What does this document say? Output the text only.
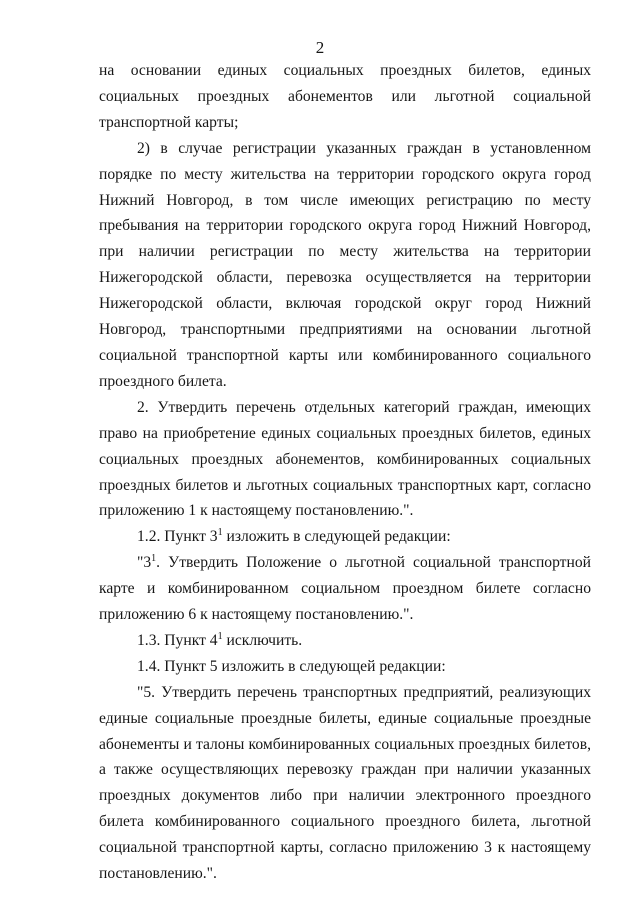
2

на основании единых социальных проездных билетов, единых социальных проездных абонементов или льготной социальной транспортной карты;

2) в случае регистрации указанных граждан в установленном порядке по месту жительства на территории городского округа город Нижний Новгород, в том числе имеющих регистрацию по месту пребывания на территории городского округа город Нижний Новгород, при наличии регистрации по месту жительства на территории Нижегородской области, перевозка осуществляется на территории Нижегородской области, включая городской округ город Нижний Новгород, транспортными предприятиями на основании льготной социальной транспортной карты или комбинированного социального проездного билета.

2. Утвердить перечень отдельных категорий граждан, имеющих право на приобретение единых социальных проездных билетов, единых социальных проездных абонементов, комбинированных социальных проездных билетов и льготных социальных транспортных карт, согласно приложению 1 к настоящему постановлению.".

1.2. Пункт $3^1$ изложить в следующей редакции:

"$3^1$. Утвердить Положение о льготной социальной транспортной карте и комбинированном социальном проездном билете согласно приложению 6 к настоящему постановлению.".

1.3. Пункт $4^1$ исключить.

1.4. Пункт 5 изложить в следующей редакции:

"5. Утвердить перечень транспортных предприятий, реализующих единые социальные проездные билеты, единые социальные проездные абонементы и талоны комбинированных социальных проездных билетов, а также осуществляющих перевозку граждан при наличии указанных проездных документов либо при наличии электронного проездного билета комбинированного социального проездного билета, льготной социальной транспортной карты, согласно приложению 3 к настоящему постановлению.".
